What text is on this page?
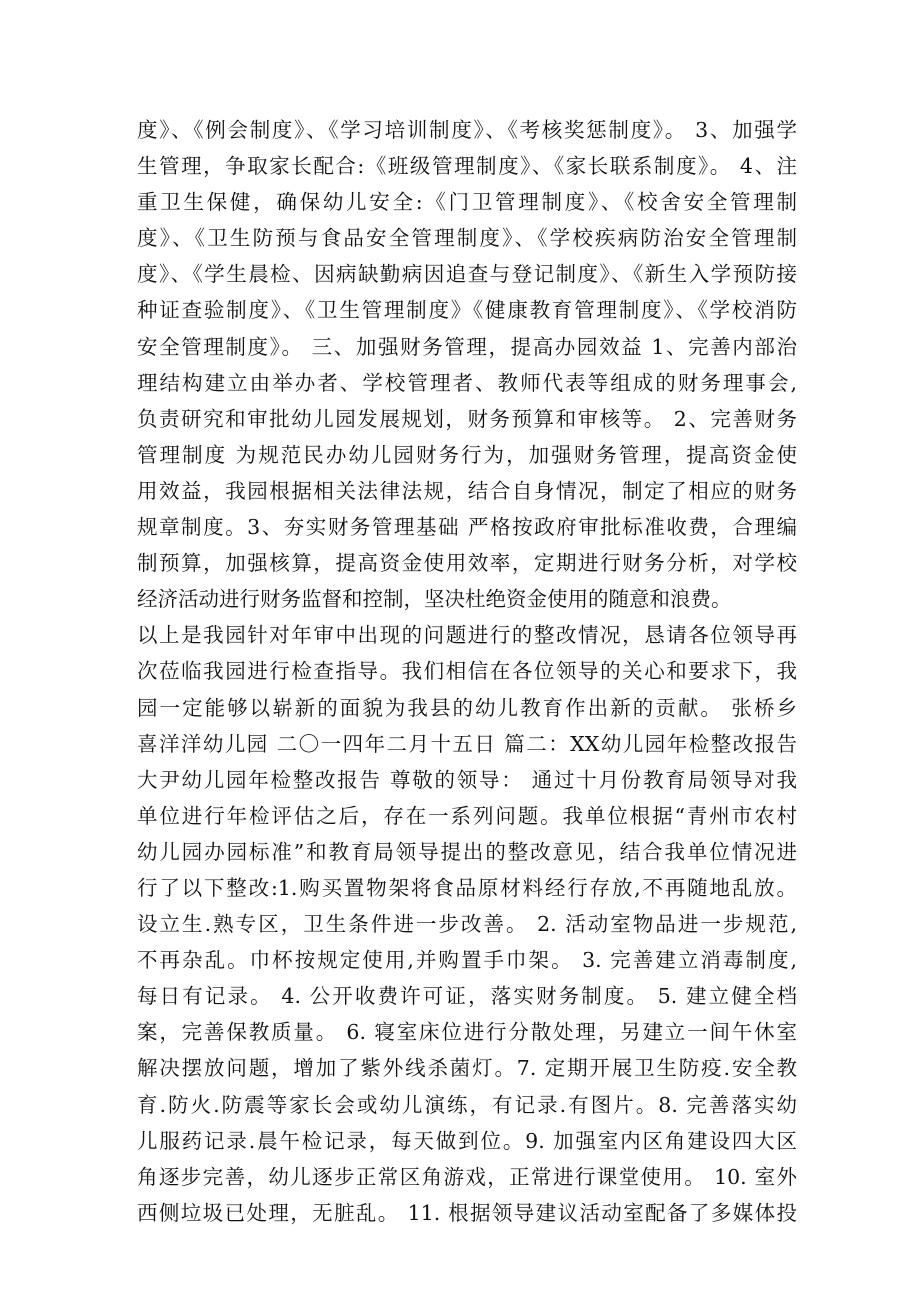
度》、《例会制度》、《学习培训制度》、《考核奖惩制度》。 3、加强学
生管理，争取家长配合:《班级管理制度》、《家长联系制度》。 4、注
重卫生保健，确保幼儿安全:《门卫管理制度》、《校舍安全管理制
度》、《卫生防预与食品安全管理制度》、《学校疾病防治安全管理制
度》、《学生晨检、因病缺勤病因追查与登记制度》、《新生入学预防接
种证查验制度》、《卫生管理制度》《健康教育管理制度》、《学校消防
安全管理制度》。 三、加强财务管理，提高办园效益 1、完善内部治
理结构建立由举办者、学校管理者、教师代表等组成的财务理事会,
负责研究和审批幼儿园发展规划，财务预算和审核等。 2、完善财务
管理制度 为规范民办幼儿园财务行为，加强财务管理，提高资金使
用效益，我园根据相关法律法规，结合自身情况，制定了相应的财务
规章制度。3、夯实财务管理基础 严格按政府审批标准收费，合理编
制预算，加强核算，提高资金使用效率，定期进行财务分析，对学校
经济活动进行财务监督和控制，坚决杜绝资金使用的随意和浪费。
以上是我园针对年审中出现的问题进行的整改情况，恳请各位领导再
次莅临我园进行检查指导。我们相信在各位领导的关心和要求下，我
园一定能够以崭新的面貌为我县的幼儿教育作出新的贡献。 张桥乡
喜洋洋幼儿园 二〇一四年二月十五日 篇二：XX幼儿园年检整改报告
大尹幼儿园年检整改报告 尊敬的领导： 通过十月份教育局领导对我
单位进行年检评估之后，存在一系列问题。我单位根据“青州市农村
幼儿园办园标准”和教育局领导提出的整改意见，结合我单位情况进
行了以下整改:1.购买置物架将食品原材料经行存放,不再随地乱放。
设立生.熟专区，卫生条件进一步改善。 2. 活动室物品进一步规范,
不再杂乱。巾杯按规定使用,并购置手巾架。 3. 完善建立消毒制度,
每日有记录。 4. 公开收费许可证，落实财务制度。 5. 建立健全档
案，完善保教质量。 6. 寝室床位进行分散处理，另建立一间午休室
解决摆放问题，增加了紫外线杀菌灯。7. 定期开展卫生防疫.安全教
育.防火.防震等家长会或幼儿演练，有记录.有图片。8. 完善落实幼
儿服药记录.晨午检记录，每天做到位。9. 加强室内区角建设四大区
角逐步完善，幼儿逐步正常区角游戏，正常进行课堂使用。 10. 室外
西侧垃圾已处理，无脏乱。 11. 根据领导建议活动室配备了多媒体投
